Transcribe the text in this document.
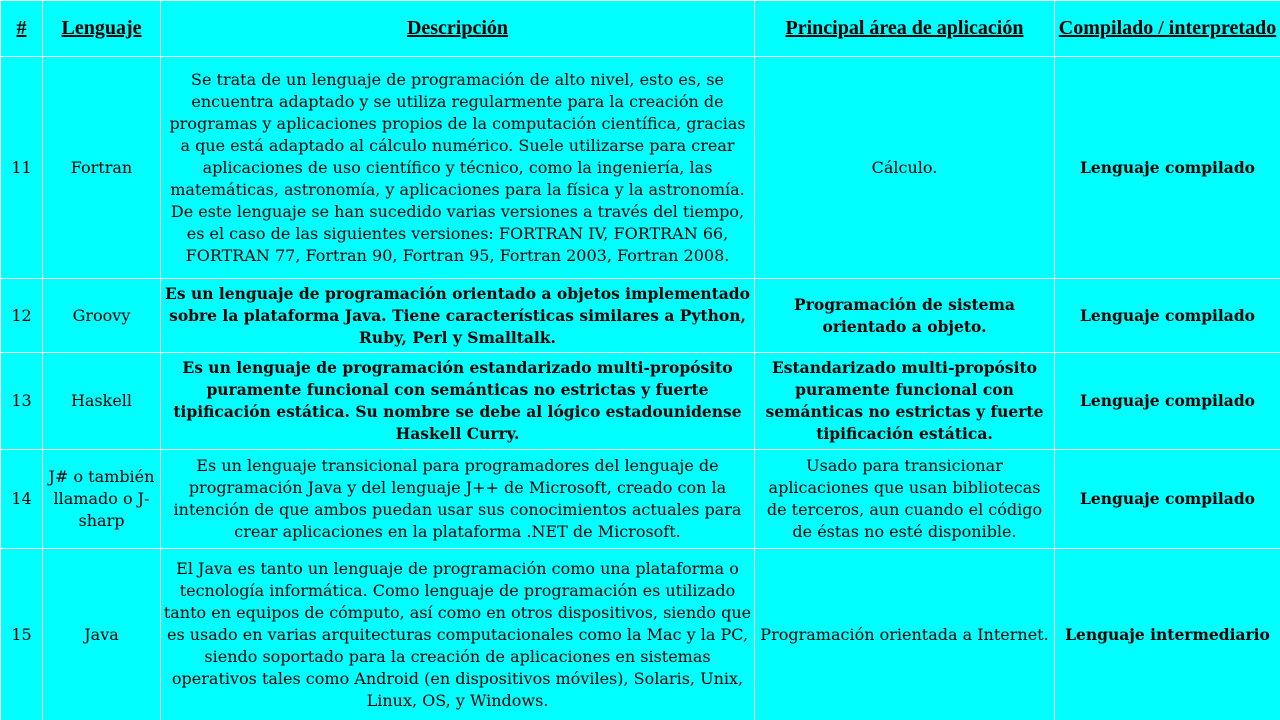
#	Lenguaje	Descripción	Principal área de aplicación	Compilado / interpretado
11	Fortran	Se trata de un lenguaje de programación de alto nivel, esto es, se encuentra adaptado y se utiliza regularmente para la creación de programas y aplicaciones propios de la computación científica, gracias a que está adaptado al cálculo numérico. Suele utilizarse para crear aplicaciones de uso científico y técnico, como la ingeniería, las matemáticas, astronomía, y aplicaciones para la física y la astronomía. De este lenguaje se han sucedido varias versiones a través del tiempo, es el caso de las siguientes versiones: FORTRAN IV, FORTRAN 66, FORTRAN 77, Fortran 90, Fortran 95, Fortran 2003, Fortran 2008.	Cálculo.	Lenguaje compilado
12	Groovy	Es un lenguaje de programación orientado a objetos implementado sobre la plataforma Java. Tiene características similares a Python, Ruby, Perl y Smalltalk.	Programación de sistema orientado a objeto.	Lenguaje compilado
13	Haskell	Es un lenguaje de programación estandarizado multi-propósito puramente funcional con semánticas no estrictas y fuerte tipificación estática. Su nombre se debe al lógico estadounidense Haskell Curry.	Estandarizado multi-propósito puramente funcional con semánticas no estrictas y fuerte tipificación estática.	Lenguaje compilado
14	J# o también llamado o J-sharp	Es un lenguaje transicional para programadores del lenguaje de programación Java y del lenguaje J++ de Microsoft, creado con la intención de que ambos puedan usar sus conocimientos actuales para crear aplicaciones en la plataforma .NET de Microsoft.	Usado para transicionar aplicaciones que usan bibliotecas de terceros, aun cuando el código de éstas no esté disponible.	Lenguaje compilado
15	Java	El Java es tanto un lenguaje de programación como una plataforma o tecnología informática. Como lenguaje de programación es utilizado tanto en equipos de cómputo, así como en otros dispositivos, siendo que es usado en varias arquitecturas computacionales como la Mac y la PC, siendo soportado para la creación de aplicaciones en sistemas operativos tales como Android (en dispositivos móviles), Solaris, Unix, Linux, OS, y Windows.	Programación orientada a Internet.	Lenguaje intermediario
